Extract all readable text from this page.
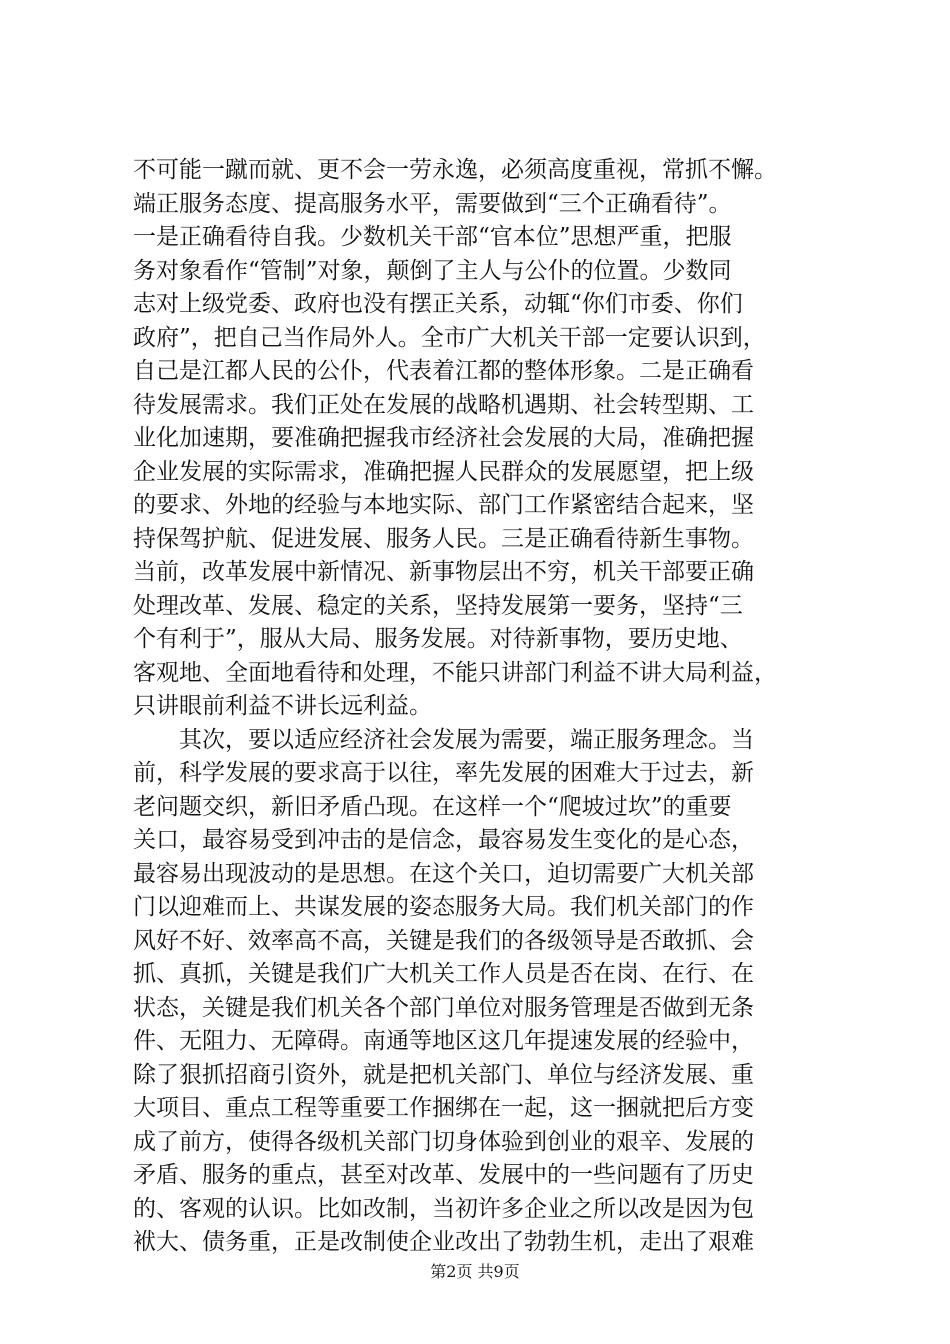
不可能一蹴而就、更不会一劳永逸，必须高度重视，常抓不懈。
端正服务态度、提高服务水平，需要做到“三个正确看待”。
一是正确看待自我。少数机关干部“官本位”思想严重，把服
务对象看作“管制”对象，颠倒了主人与公仆的位置。少数同
志对上级党委、政府也没有摆正关系，动辄“你们市委、你们
政府”，把自己当作局外人。全市广大机关干部一定要认识到，
自己是江都人民的公仆，代表着江都的整体形象。二是正确看
待发展需求。我们正处在发展的战略机遇期、社会转型期、工
业化加速期，要准确把握我市经济社会发展的大局，准确把握
企业发展的实际需求，准确把握人民群众的发展愿望，把上级
的要求、外地的经验与本地实际、部门工作紧密结合起来，坚
持保驾护航、促进发展、服务人民。三是正确看待新生事物。
当前，改革发展中新情况、新事物层出不穷，机关干部要正确
处理改革、发展、稳定的关系，坚持发展第一要务，坚持“三
个有利于”，服从大局、服务发展。对待新事物，要历史地、
客观地、全面地看待和处理，不能只讲部门利益不讲大局利益，
只讲眼前利益不讲长远利益。
　　其次，要以适应经济社会发展为需要，端正服务理念。当
前，科学发展的要求高于以往，率先发展的困难大于过去，新
老问题交织，新旧矛盾凸现。在这样一个“爬坡过坎”的重要
关口，最容易受到冲击的是信念，最容易发生变化的是心态，
最容易出现波动的是思想。在这个关口，迫切需要广大机关部
门以迎难而上、共谋发展的姿态服务大局。我们机关部门的作
风好不好、效率高不高，关键是我们的各级领导是否敢抓、会
抓、真抓，关键是我们广大机关工作人员是否在岗、在行、在
状态，关键是我们机关各个部门单位对服务管理是否做到无条
件、无阻力、无障碍。南通等地区这几年提速发展的经验中，
除了狠抓招商引资外，就是把机关部门、单位与经济发展、重
大项目、重点工程等重要工作捆绑在一起，这一捆就把后方变
成了前方，使得各级机关部门切身体验到创业的艰辛、发展的
矛盾、服务的重点，甚至对改革、发展中的一些问题有了历史
的、客观的认识。比如改制，当初许多企业之所以改是因为包
袱大、债务重，正是改制使企业改出了勃勃生机，走出了艰难
第2页 共9页
